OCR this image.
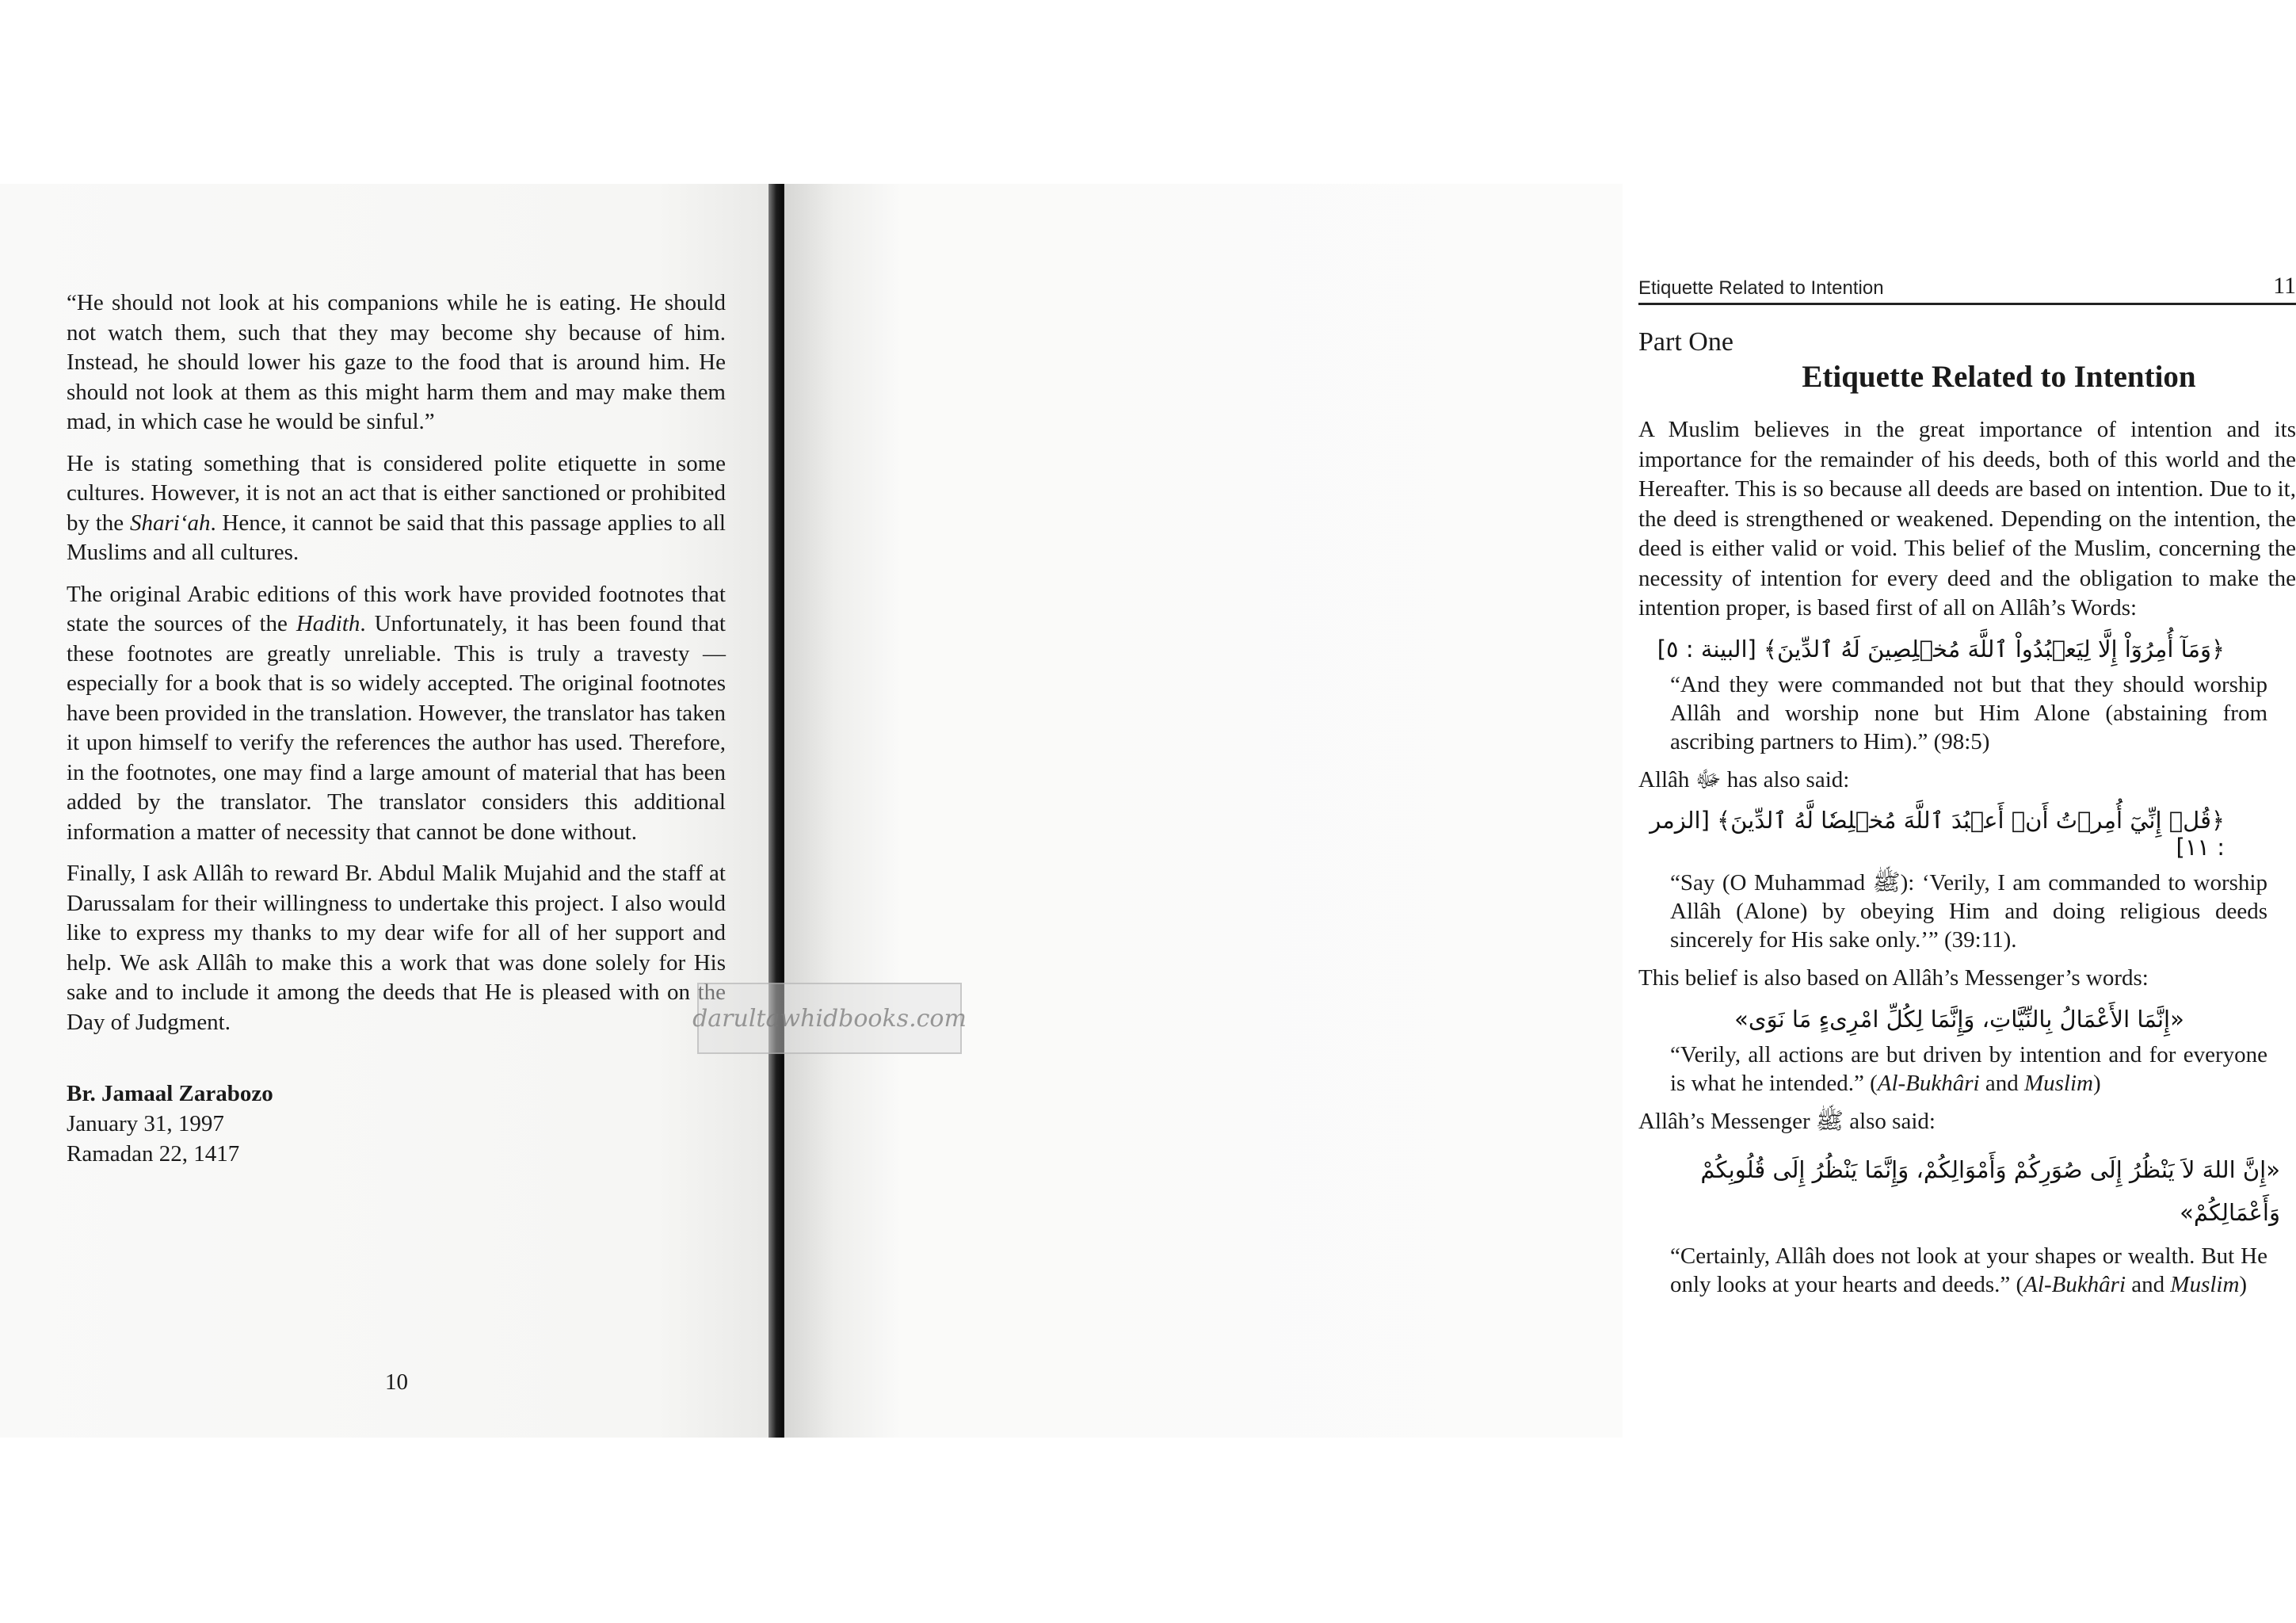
“He should not look at his companions while he is eating. He should not watch them, such that they may become shy because of him. Instead, he should lower his gaze to the food that is around him. He should not look at them as this might harm them and may make them mad, in which case he would be sinful.”

He is stating something that is considered polite etiquette in some cultures. However, it is not an act that is either sanctioned or prohibited by the Shari‘ah. Hence, it cannot be said that this passage applies to all Muslims and all cultures.

The original Arabic editions of this work have provided footnotes that state the sources of the Hadith. Unfortunately, it has been found that these footnotes are greatly unreliable. This is truly a travesty — especially for a book that is so widely accepted. The original footnotes have been provided in the translation. However, the translator has taken it upon himself to verify the references the author has used. Therefore, in the footnotes, one may find a large amount of material that has been added by the translator. The translator considers this additional information a matter of necessity that cannot be done without.

Finally, I ask Allâh to reward Br. Abdul Malik Mujahid and the staff at Darussalam for their willingness to undertake this project. I also would like to express my thanks to my dear wife for all of her support and help. We ask Allâh to make this a work that was done solely for His sake and to include it among the deeds that He is pleased with on the Day of Judgment.

Br. Jamaal Zarabozo
January 31, 1997
Ramadan 22, 1417
10
Etiquette Related to Intention	11
Part One
Etiquette Related to Intention

A Muslim believes in the great importance of intention and its importance for the remainder of his deeds, both of this world and the Hereafter. This is so because all deeds are based on intention. Due to it, the deed is strengthened or weakened. Depending on the intention, the deed is either valid or void. This belief of the Muslim, concerning the necessity of intention for every deed and the obligation to make the intention proper, is based first of all on Allâh’s Words:

﴿وَمَآ أُمِرُوٓاْ إِلَّا لِيَعۡبُدُواْ ٱللَّهَ مُخۡلِصِينَ لَهُ ٱلدِّينَ﴾ [البينة : ٥]

“And they were commanded not but that they should worship Allâh and worship none but Him Alone (abstaining from ascribing partners to Him).” (98:5)

Allâh ﷻ has also said:

﴿قُلۡ إِنِّيٓ أُمِرۡتُ أَنۡ أَعۡبُدَ ٱللَّهَ مُخۡلِصٗا لَّهُ ٱلدِّينَ﴾ [الزمر : ١١]

“Say (O Muhammad ﷺ): ‘Verily, I am commanded to worship Allâh (Alone) by obeying Him and doing religious deeds sincerely for His sake only.’” (39:11).

This belief is also based on Allâh’s Messenger’s words:

«إِنَّمَا الأَعْمَالُ بِالنِّيَّاتِ، وَإِنَّمَا لِكُلِّ امْرِىءٍ مَا نَوَى»

“Verily, all actions are but driven by intention and for everyone is what he intended.” (Al-Bukhâri and Muslim)

Allâh’s Messenger ﷺ also said:

«إِنَّ اللهَ لاَ يَنْظُرُ إِلَى صُوَرِكُمْ وَأَمْوَالِكُمْ، وَإِنَّمَا يَنْظُرُ إِلَى قُلُوبِكُمْ وَأَعْمَالِكُمْ»

“Certainly, Allâh does not look at your shapes or wealth. But He only looks at your hearts and deeds.” (Al-Bukhâri and Muslim)

darultawhidbooks.com
